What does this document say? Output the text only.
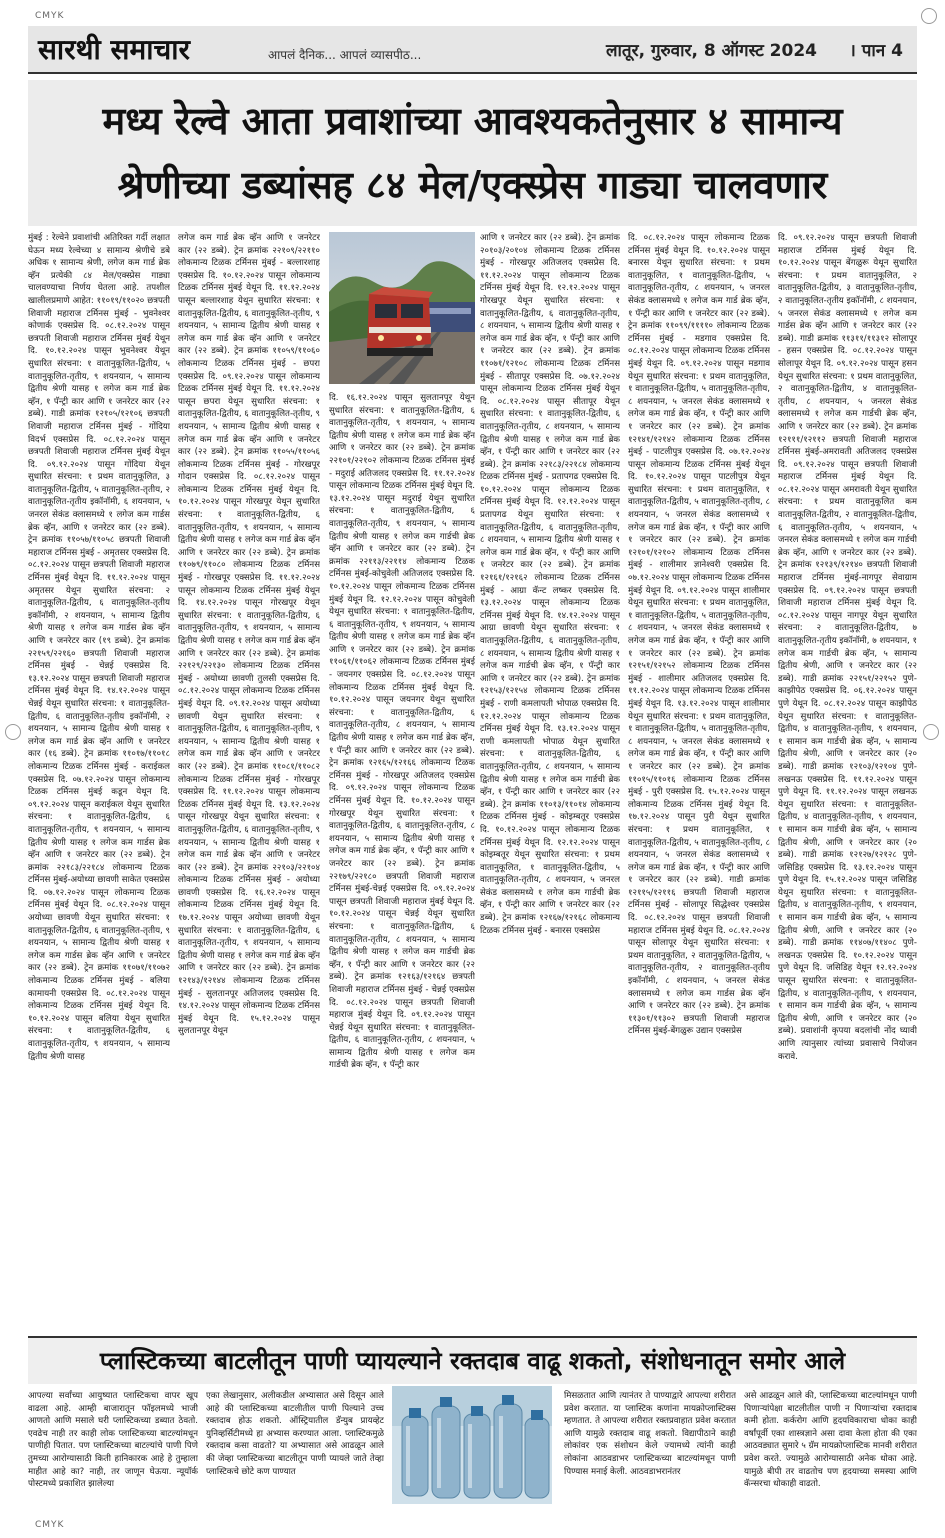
CMYK
CMYK
सारथी समाचार	आपलं दैनिक... आपलं व्यासपीठ...	लातूर, गुरुवार, 8 ऑगस्ट 2024 । पान 4
मध्य रेल्वे आता प्रवाशांच्या आवश्यकतेनुसार ४ सामान्य
श्रेणीच्या डब्यांसह ८४ मेल/एक्स्प्रेस गाड्या चालवणार

मुंबई : रेल्वेने प्रवाशांची अतिरिक्त गर्दी लक्षात घेऊन मध्य रेल्वेच्या ४ सामान्य श्रेणीचे डबे अधिक १ सामान्य श्रेणी, लगेज कम गार्ड ब्रेक व्हॅन प्रत्येकी ८४ मेल/एक्स्प्रेस गाड्या चालवण्याचा निर्णय घेतला आहे. तपशील खालीलप्रमाणे आहेत: ११०१९/११०२० छत्रपती शिवाजी महाराज टर्मिनस मुंबई - भुवनेश्वर कोणार्क एक्सप्रेस दि. ०८.१२.२०२४ पासून छत्रपती शिवाजी महाराज टर्मिनस मुंबई येथून दि. १०.१२.२०२४ पासून भुवनेश्वर येथून सुधारित संरचना: १ वातानुकूलित-द्वितीय, ५ वातानुकूलित-तृतीय, ९ शयनयान, ५ सामान्य द्वितीय श्रेणी यासह १ लगेज कम गार्ड ब्रेक व्हॅन, १ पॅन्ट्री कार आणि १ जनरेटर कार (२२ डब्बे). गाडी क्रमांक १२१०५/१२१०६ छत्रपती शिवाजी महाराज टर्मिनस मुंबई - गोंदिया विदर्भ एक्सप्रेस दि. ०८.१२.२०२४ पासून छत्रपती शिवाजी महाराज टर्मिनस मुंबई येथून दि. ०९.१२.२०२४ पासून गोंदिया येथून सुधारित संरचना: १ प्रथम वातानुकूलित, ३ वातानुकूलित-द्वितीय, ५ वातानुकूलित-तृतीय, २ वातानुकूलित-तृतीय इकॉनॉमी, ६ शयनयान, ५ जनरल सेकंड क्लासमध्ये १ लगेज कम गार्डस ब्रेक व्हॅन, आणि १ जनरेटर कार (२२ डब्बे). ट्रेन क्रमांक ११०५७/११०५८ छत्रपती शिवाजी महाराज टर्मिनस मुंबई - अमृतसर एक्सप्रेस दि. ०८.१२.२०२४ पासून छत्रपती शिवाजी महाराज टर्मिनस मुंबई येथून दि. ११.१२.२०२४ पासून अमृतसर येथून सुधारित संरचना: २ वातानुकूलित-द्वितीय, ६ वातानुकूलित-तृतीय इकॉनॉमी, २ शयनयान, ५ सामान्य द्वितीय श्रेणी यासह १ लगेज कम गार्डस ब्रेक व्हॅन आणि १ जनरेटर कार (१९ डब्बे). ट्रेन क्रमांक २२१५९/२२१६० छत्रपती शिवाजी महाराज टर्मिनस मुंबई - चेन्नई एक्सप्रेस दि. १३.१२.२०२४ पासून छत्रपती शिवाजी महाराज टर्मिनस मुंबई येथून दि. १४.१२.२०२४ पासून चेन्नई येथून सुधारित संरचना: १ वातानुकूलित-द्वितीय, ६ वातानुकूलित-तृतीय इकॉनॉमी, २ शयनयान, ५ सामान्य द्वितीय श्रेणी यासह १ लगेज कम गार्ड ब्रेक व्हॅन आणि १ जनरेटर कार (१६ डब्बे). ट्रेन क्रमांक ११०१७/११०१८ लोकमान्य टिळक टर्मिनस मुंबई - कराईकल एक्सप्रेस दि. ०७.१२.२०२४ पासून लोकमान्य टिळक टर्मिनस मुंबई कडून येथून दि. ०९.१२.२०२४ पासून कराईकल येथून सुधारित संरचना: १ वातानुकूलित-द्वितीय, ६ वातानुकूलित-तृतीय, ९ शयनयान, ५ सामान्य द्वितीय श्रेणी यासह १ लगेज कम गार्डस ब्रेक व्हॅन आणि १ जनरेटर कार (२२ डब्बे). ट्रेन क्रमांक २२१८३/२२१८४ लोकमान्य टिळक टर्मिनस मुंबई-अयोध्या छावणी साकेत एक्सप्रेस दि. ०७.१२.२०२४ पासून लोकमान्य टिळक टर्मिनस मुंबई येथून दि. ०८.१२.२०२४ पासून अयोध्या छावणी येथून सुधारित संरचना: १ वातानुकूलित-द्वितीय, ६ वातानुकूलित-तृतीय, ९ शयनयान, ५ सामान्य द्वितीय श्रेणी यासह १ लगेज कम गार्डस ब्रेक व्हॅन आणि १ जनरेटर कार (२२ डब्बे). ट्रेन क्रमांक ११०७१/११०७२ लोकमान्य टिळक टर्मिनस मुंबई - बलिया कामायनी एक्सप्रेस दि. ०८.१२.२०२४ पासून लोकमान्य टिळक टर्मिनस मुंबई येथून दि. १०.१२.२०२४ पासून बलिया येथून सुधारित संरचना: १ वातानुकूलित-द्वितीय, ६ वातानुकूलित-तृतीय, ९ शयनयान, ५ सामान्य द्वितीय श्रेणी यासह

लगेज कम गार्ड ब्रेक व्हॅन आणि १ जनरेटर कार (२२ डब्बे). ट्रेन क्रमांक २२१०९/२२११० लोकमान्य टिळक टर्मिनस मुंबई - बल्लारशाह एक्सप्रेस दि. १०.१२.२०२४ पासून लोकमान्य टिळक टर्मिनस मुंबई येथून दि. ११.१२.२०२४ पासून बल्लारशाह येथून सुधारित संरचना: १ वातानुकूलित-द्वितीय, ६ वातानुकूलित-तृतीय, ९ शयनयान, ५ सामान्य द्वितीय श्रेणी यासह १ लगेज कम गार्ड ब्रेक व्हॅन आणि १ जनरेटर कार (२२ डब्बे). ट्रेन क्रमांक ११०५९/११०६० लोकमान्य टिळक टर्मिनस मुंबई - छपरा एक्सप्रेस दि. ०९.१२.२०२४ पासून लोकमान्य टिळक टर्मिनस मुंबई येथून दि. ११.१२.२०२४ पासून छपरा येथून सुधारित संरचना: १ वातानुकूलित-द्वितीय, ६ वातानुकूलित-तृतीय, ९ शयनयान, ५ सामान्य द्वितीय श्रेणी यासह १ लगेज कम गार्ड ब्रेक व्हॅन आणि १ जनरेटर कार (२२ डब्बे). ट्रेन क्रमांक ११०५५/११०५६ लोकमान्य टिळक टर्मिनस मुंबई - गोरखपूर गोदान एक्सप्रेस दि. ०८.१२.२०२४ पासून लोकमान्य टिळक टर्मिनस मुंबई येथून दि. १०.१२.२०२४ पासून गोरखपूर येथून सुधारित संरचना: १ वातानुकूलित-द्वितीय, ६ वातानुकूलित-तृतीय, ९ शयनयान, ५ सामान्य द्वितीय श्रेणी यासह १ लगेज कम गार्ड ब्रेक व्हॅन आणि १ जनरेटर कार (२२ डब्बे). ट्रेन क्रमांक ११०७९/११०८० लोकमान्य टिळक टर्मिनस मुंबई - गोरखपूर एक्सप्रेस दि. ११.१२.२०२४ पासून लोकमान्य टिळक टर्मिनस मुंबई येथून दि. १४.१२.२०२४ पासून गोरखपूर येथून सुधारित संरचना: १ वातानुकूलित-द्वितीय, ६ वातानुकूलित-तृतीय, ९ शयनयान, ५ सामान्य द्वितीय श्रेणी यासह १ लगेज कम गार्ड ब्रेक व्हॅन आणि १ जनरेटर कार (२२ डब्बे). ट्रेन क्रमांक २२१२९/२२१३० लोकमान्य टिळक टर्मिनस मुंबई - अयोध्या छावणी तुलसी एक्सप्रेस दि. ०८.१२.२०२४ पासून लोकमान्य टिळक टर्मिनस मुंबई येथून दि. ०९.१२.२०२४ पासून अयोध्या छावणी येथून सुधारित संरचना: १ वातानुकूलित-द्वितीय, ६ वातानुकूलित-तृतीय, ९ शयनयान, ५ सामान्य द्वितीय श्रेणी यासह १ लगेज कम गार्ड ब्रेक व्हॅन आणि १ जनरेटर कार (२२ डब्बे). ट्रेन क्रमांक ११०८१/११०८२ लोकमान्य टिळक टर्मिनस मुंबई - गोरखपूर एक्सप्रेस दि. ११.१२.२०२४ पासून लोकमान्य टिळक टर्मिनस मुंबई येथून दि. १३.१२.२०२४ पासून गोरखपूर येथून सुधारित संरचना: १ वातानुकूलित-द्वितीय, ६ वातानुकूलित-तृतीय, ९ शयनयान, ५ सामान्य द्वितीय श्रेणी यासह १ लगेज कम गार्ड ब्रेक व्हॅन आणि १ जनरेटर कार (२२ डब्बे). ट्रेन क्रमांक २२१०३/२२१०४ लोकमान्य टिळक टर्मिनस मुंबई - अयोध्या छावणी एक्सप्रेस दि. १६.१२.२०२४ पासून लोकमान्य टिळक टर्मिनस मुंबई येथून दि. १७.१२.२०२४ पासून अयोध्या छावणी येथून सुधारित संरचना: १ वातानुकूलित-द्वितीय, ६ वातानुकूलित-तृतीय, ९ शयनयान, ५ सामान्य द्वितीय श्रेणी यासह १ लगेज कम गार्ड ब्रेक व्हॅन आणि १ जनरेटर कार (२२ डब्बे). ट्रेन क्रमांक १२१४३/१२१४४ लोकमान्य टिळक टर्मिनस मुंबई - सुलतानपूर अतिजलद एक्सप्रेस दि. १४.१२.२०२४ पासून लोकमान्य टिळक टर्मिनस मुंबई येथून दि. १५.१२.२०२४ पासून सुलतानपूर येथून

दि. १६.१२.२०२४ पासून सुलतानपूर येथून सुधारित संरचना: १ वातानुकूलित-द्वितीय, ६ वातानुकूलित-तृतीय, ९ शयनयान, ५ सामान्य द्वितीय श्रेणी यासह १ लगेज कम गार्ड ब्रेक व्हॅन आणि १ जनरेटर कार (२२ डब्बे). ट्रेन क्रमांक २२१०१/२२१०२ लोकमान्य टिळक टर्मिनस मुंबई - मदुराई अतिजलद एक्सप्रेस दि. ११.१२.२०२४ पासून लोकमान्य टिळक टर्मिनस मुंबई येथून दि. १३.१२.२०२४ पासून मदुराई येथून सुधारित संरचना: १ वातानुकूलित-द्वितीय, ६ वातानुकूलित-तृतीय, ९ शयनयान, ५ सामान्य द्वितीय श्रेणी यासह १ लगेज कम गार्डची ब्रेक व्हॅन आणि १ जनरेटर कार (२२ डब्बे). ट्रेन क्रमांक २२११३/२२११४ लोकमान्य टिळक टर्मिनस मुंबई-कोचुवेली अतिजलद एक्सप्रेस दि. १०.१२.२०२४ पासून लोकमान्य टिळक टर्मिनस मुंबई येथून दि. १२.१२.२०२४ पासून कोचुवेली येथून सुधारित संरचना: १ वातानुकूलित-द्वितीय, ६ वातानुकूलित-तृतीय, ९ शयनयान, ५ सामान्य द्वितीय श्रेणी यासह १ लगेज कम गार्ड ब्रेक व्हॅन आणि १ जनरेटर कार (२२ डब्बे). ट्रेन क्रमांक ११०६१/११०६२ लोकमान्य टिळक टर्मिनस मुंबई - जयनगर एक्सप्रेस दि. ०८.१२.२०२४ पासून लोकमान्य टिळक टर्मिनस मुंबई येथून दि. १०.१२.२०२४ पासून जयनगर येथून सुधारित संरचना: १ वातानुकूलित-द्वितीय, ६ वातानुकूलित-तृतीय, ८ शयनयान, ५ सामान्य द्वितीय श्रेणी यासह १ लगेज कम गार्ड ब्रेक व्हॅन, १ पॅन्ट्री कार आणि १ जनरेटर कार (२२ डब्बे). ट्रेन क्रमांक १२१६५/१२१६६ लोकमान्य टिळक टर्मिनस मुंबई - गोरखपूर अतिजलद एक्सप्रेस दि. ०९.१२.२०२४ पासून लोकमान्य टिळक टर्मिनस मुंबई येथून दि. १०.१२.२०२४ पासून गोरखपूर येथून सुधारित संरचना: १ वातानुकूलित-द्वितीय, ६ वातानुकूलित-तृतीय, ८ शयनयान, ५ सामान्य द्वितीय श्रेणी यासह १ लगेज कम गार्ड ब्रेक व्हॅन, १ पॅन्ट्री कार आणि १ जनरेटर कार (२२ डब्बे). ट्रेन क्रमांक २२१७९/२२१८० छत्रपती शिवाजी महाराज टर्मिनस मुंबई-चेन्नई एक्सप्रेस दि. ०९.१२.२०२४ पासून छत्रपती शिवाजी महाराज मुंबई येथून दि. १०.१२.२०२४ पासून चेन्नई येथून सुधारित संरचना: १ वातानुकूलित-द्वितीय, ६ वातानुकूलित-तृतीय, ८ शयनयान, ५ सामान्य द्वितीय श्रेणी यासह १ लगेज कम गार्डची ब्रेक व्हॅन, १ पॅन्ट्री कार आणि १ जनरेटर कार (२२ डब्बे). ट्रेन क्रमांक १२१६३/१२१६४ छत्रपती शिवाजी महाराज टर्मिनस मुंबई - चेन्नई एक्सप्रेस दि. ०८.१२.२०२४ पासून छत्रपती शिवाजी महाराज मुंबई येथून दि. ०९.१२.२०२४ पासून चेन्नई येथून सुधारित संरचना: १ वातानुकूलित-द्वितीय, ६ वातानुकूलित-तृतीय, ८ शयनयान, ५ सामान्य द्वितीय श्रेणी यासह १ लगेज कम गार्डची ब्रेक व्हॅन, १ पॅन्ट्री कार

आणि १ जनरेटर कार (२२ डब्बे). ट्रेन क्रमांक २०१०३/२०१०४ लोकमान्य टिळक टर्मिनस मुंबई - गोरखपूर अतिजलद एक्सप्रेस दि. ११.१२.२०२४ पासून लोकमान्य टिळक टर्मिनस मुंबई येथून दि. १२.१२.२०२४ पासून गोरखपूर येथून सुधारित संरचना: १ वातानुकूलित-द्वितीय, ६ वातानुकूलित-तृतीय, ८ शयनयान, ५ सामान्य द्वितीय श्रेणी यासह १ लगेज कम गार्ड ब्रेक व्हॅन, १ पॅन्ट्री कार आणि १ जनरेटर कार (२२ डब्बे). ट्रेन क्रमांक ११०७१/१२१०८ लोकमान्य टिळक टर्मिनस मुंबई - सीतापूर एक्सप्रेस दि. ०७.१२.२०२४ पासून लोकमान्य टिळक टर्मिनस मुंबई येथून दि. ०८.१२.२०२४ पासून सीतापूर येथून सुधारित संरचना: १ वातानुकूलित-द्वितीय, ६ वातानुकूलित-तृतीय, ८ शयनयान, ५ सामान्य द्वितीय श्रेणी यासह १ लगेज कम गार्ड ब्रेक व्हॅन, १ पॅन्ट्री कार आणि १ जनरेटर कार (२२ डब्बे). ट्रेन क्रमांक २२१८३/२२१८४ लोकमान्य टिळक टर्मिनस मुंबई - प्रतापगढ एक्सप्रेस दि. १०.१२.२०२४ पासून लोकमान्य टिळक टर्मिनस मुंबई येथून दि. १२.१२.२०२४ पासून प्रतापगढ येथून सुधारित संरचना: १ वातानुकूलित-द्वितीय, ६ वातानुकूलित-तृतीय, ८ शयनयान, ५ सामान्य द्वितीय श्रेणी यासह १ लगेज कम गार्ड ब्रेक व्हॅन, १ पॅन्ट्री कार आणि १ जनरेटर कार (२२ डब्बे). ट्रेन क्रमांक १२१६१/१२१६२ लोकमान्य टिळक टर्मिनस मुंबई - आग्रा कॅन्ट लष्कर एक्सप्रेस दि. १३.१२.२०२४ पासून लोकमान्य टिळक टर्मिनस मुंबई येथून दि. १४.१२.२०२४ पासून आग्रा छावणी येथून सुधारित संरचना: १ वातानुकूलित-द्वितीय, ६ वातानुकूलित-तृतीय, ८ शयनयान, ५ सामान्य द्वितीय श्रेणी यासह १ लगेज कम गार्डची ब्रेक व्हॅन, १ पॅन्ट्री कार आणि १ जनरेटर कार (२२ डब्बे). ट्रेन क्रमांक १२१५३/१२१५४ लोकमान्य टिळक टर्मिनस मुंबई - राणी कमलापती भोपाळ एक्सप्रेस दि. १२.१२.२०२४ पासून लोकमान्य टिळक टर्मिनस मुंबई येथून दि. १३.१२.२०२४ पासून राणी कमलापती भोपाळ येथून सुधारित संरचना: १ वातानुकूलित-द्वितीय, ६ वातानुकूलित-तृतीय, ८ शयनयान, ५ सामान्य द्वितीय श्रेणी यासह १ लगेज कम गार्डची ब्रेक व्हॅन, १ पॅन्ट्री कार आणि १ जनरेटर कार (२२ डब्बे). ट्रेन क्रमांक ११०१३/११०१४ लोकमान्य टिळक टर्मिनस मुंबई - कोइम्बतूर एक्सप्रेस दि. १०.१२.२०२४ पासून लोकमान्य टिळक टर्मिनस मुंबई येथून दि. १२.१२.२०२४ पासून कोइम्बतूर येथून सुधारित संरचना: १ प्रथम वातानुकूलित, १ वातानुकूलित-द्वितीय, ५ वातानुकूलित-तृतीय, ८ शयनयान, ५ जनरल सेकंड क्लासमध्ये १ लगेज कम गार्डची ब्रेक व्हॅन, १ पॅन्ट्री कार आणि १ जनरेटर कार (२२ डब्बे). ट्रेन क्रमांक १२१६७/१२१६८ लोकमान्य टिळक टर्मिनस मुंबई - बनारस एक्सप्रेस

दि. ०८.१२.२०२४ पासून लोकमान्य टिळक टर्मिनस मुंबई येथून दि. १०.१२.२०२४ पासून बनारस येथून सुधारित संरचना: १ प्रथम वातानुकूलित, १ वातानुकूलित-द्वितीय, ५ वातानुकूलित-तृतीय, ८ शयनयान, ५ जनरल सेकंड क्लासमध्ये १ लगेज कम गार्ड ब्रेक व्हॅन, १ पॅन्ट्री कार आणि १ जनरेटर कार (२२ डब्बे). ट्रेन क्रमांक ११०९९/११११० लोकमान्य टिळक टर्मिनस मुंबई - मडगाव एक्सप्रेस दि. ०८.१२.२०२४ पासून लोकमान्य टिळक टर्मिनस मुंबई येथून दि. ०९.१२.२०२४ पासून मडगाव येथून सुधारित संरचना: १ प्रथम वातानुकूलित, १ वातानुकूलित-द्वितीय, ५ वातानुकूलित-तृतीय, ८ शयनयान, ५ जनरल सेकंड क्लासमध्ये १ लगेज कम गार्ड ब्रेक व्हॅन, १ पॅन्ट्री कार आणि १ जनरेटर कार (२२ डब्बे). ट्रेन क्रमांक १२१४१/१२१४२ लोकमान्य टिळक टर्मिनस मुंबई - पाटलीपुत्र एक्सप्रेस दि. ०७.१२.२०२४ पासून लोकमान्य टिळक टर्मिनस मुंबई येथून दि. १०.१२.२०२४ पासून पाटलीपुत्र येथून सुधारित संरचना: १ प्रथम वातानुकूलित, १ वातानुकूलित-द्वितीय, ५ वातानुकूलित-तृतीय, ८ शयनयान, ५ जनरल सेकंड क्लासमध्ये १ लगेज कम गार्ड ब्रेक व्हॅन, १ पॅन्ट्री कार आणि १ जनरेटर कार (२२ डब्बे). ट्रेन क्रमांक १२१०१/१२१०२ लोकमान्य टिळक टर्मिनस मुंबई - शालीमार ज्ञानेश्वरी एक्सप्रेस दि. ०७.१२.२०२४ पासून लोकमान्य टिळक टर्मिनस मुंबई येथून दि. ०९.१२.२०२४ पासून शालीमार येथून सुधारित संरचना: १ प्रथम वातानुकूलित, १ वातानुकूलित-द्वितीय, ५ वातानुकूलित-तृतीय, ८ शयनयान, ५ जनरल सेकंड क्लासमध्ये १ लगेज कम गार्ड ब्रेक व्हॅन, १ पॅन्ट्री कार आणि १ जनरेटर कार (२२ डब्बे). ट्रेन क्रमांक १२१५१/१२१५२ लोकमान्य टिळक टर्मिनस मुंबई - शालीमार अतिजलद एक्सप्रेस दि. ११.१२.२०२४ पासून लोकमान्य टिळक टर्मिनस मुंबई येथून दि. १३.१२.२०२४ पासून शालीमार येथून सुधारित संरचना: १ प्रथम वातानुकूलित, १ वातानुकूलित-द्वितीय, ५ वातानुकूलित-तृतीय, ८ शयनयान, ५ जनरल सेकंड क्लासमध्ये १ लगेज कम गार्ड ब्रेक व्हॅन, १ पॅन्ट्री कार आणि १ जनरेटर कार (२२ डब्बे). ट्रेन क्रमांक ११०१५/११०१६ लोकमान्य टिळक टर्मिनस मुंबई - पुरी एक्सप्रेस दि. १५.१२.२०२४ पासून लोकमान्य टिळक टर्मिनस मुंबई येथून दि. १७.१२.२०२४ पासून पुरी येथून सुधारित संरचना: १ प्रथम वातानुकूलित, १ वातानुकूलित-द्वितीय, ५ वातानुकूलित-तृतीय, ८ शयनयान, ५ जनरल सेकंड क्लासमध्ये १ लगेज कम गार्ड ब्रेक व्हॅन, १ पॅन्ट्री कार आणि १ जनरेटर कार (२२ डब्बे). गाडी क्रमांक १२११५/१२११६ छत्रपती शिवाजी महाराज टर्मिनस मुंबई - सोलापूर सिद्धेश्वर एक्सप्रेस दि. ०८.१२.२०२४ पासून छत्रपती शिवाजी महाराज टर्मिनस मुंबई येथून दि. ०८.१२.२०२४ पासून सोलापूर येथून सुधारित संरचना: १ प्रथम वातानुकूलित, २ वातानुकूलित-द्वितीय, ५ वातानुकूलित-तृतीय, २ वातानुकूलित-तृतीय इकॉनॉमी, ८ शयनयान, ५ जनरल सेकंड क्लासमध्ये १ लगेज कम गार्डस ब्रेक व्हॅन आणि १ जनरेटर कार (२२ डब्बे). ट्रेन क्रमांक ११३०१/११३०२ छत्रपती शिवाजी महाराज टर्मिनस मुंबई-बेंगळुरू उद्यान एक्सप्रेस

दि. ०९.१२.२०२४ पासून छत्रपती शिवाजी महाराज टर्मिनस मुंबई येथून दि. १०.१२.२०२४ पासून बेंगळुरू येथून सुधारित संरचना: १ प्रथम वातानुकूलित, २ वातानुकूलित-द्वितीय, ३ वातानुकूलित-तृतीय, २ वातानुकूलित-तृतीय इकॉनॉमी, ८ शयनयान, ५ जनरल सेकंड क्लासमध्ये १ लगेज कम गार्डस ब्रेक व्हॅन आणि १ जनरेटर कार (२२ डब्बे). गाडी क्रमांक ११३११/११३१२ सोलापूर - हसन एक्सप्रेस दि. ०८.१२.२०२४ पासून सोलापूर येथून दि. ०९.१२.२०२४ पासून हसन येथून सुधारित संरचना: १ प्रथम वातानुकूलित, २ वातानुकूलित-द्वितीय, ४ वातानुकूलित-तृतीय, ८ शयनयान, ५ जनरल सेकंड क्लासमध्ये १ लगेज कम गार्डची ब्रेक व्हॅन, आणि १ जनरेटर कार (२२ डब्बे). ट्रेन क्रमांक १२१११/१२११२ छत्रपती शिवाजी महाराज टर्मिनस मुंबई-अमरावती अतिजलद एक्सप्रेस दि. ०९.१२.२०२४ पासून छत्रपती शिवाजी महाराज टर्मिनस मुंबई येथून दि. ०८.१२.२०२४ पासून अमरावती येथून सुधारित संरचना: १ प्रथम वातानुकूलित कम वातानुकूलित-द्वितीय, २ वातानुकूलित-द्वितीय, ६ वातानुकूलित-तृतीय, ५ शयनयान, ५ जनरल सेकंड क्लासमध्ये १ लगेज कम गार्डची ब्रेक व्हॅन, आणि १ जनरेटर कार (२२ डब्बे). ट्रेन क्रमांक १२१३९/१२१४० छत्रपती शिवाजी महाराज टर्मिनस मुंबई-नागपूर सेवाग्राम एक्सप्रेस दि. ०९.१२.२०२४ पासून छत्रपती शिवाजी महाराज टर्मिनस मुंबई येथून दि. ०८.१२.२०२४ पासून नागपूर येथून सुधारित संरचना: २ वातानुकूलित-द्वितीय, ७ वातानुकूलित-तृतीय इकॉनॉमी, ७ शयनयान, १ लगेज कम गार्डची ब्रेक व्हॅन, ५ सामान्य द्वितीय श्रेणी, आणि १ जनरेटर कार (२२ डब्बे). गाडी क्रमांक २२१५१/२२१५२ पुणे-काझीपेठ एक्सप्रेस दि. ०६.१२.२०२४ पासून पुणे येथून दि. ०८.१२.२०२४ पासून काझीपेठ येथून सुधारित संरचना: १ वातानुकूलित-द्वितीय, ४ वातानुकूलित-तृतीय, ९ शयनयान, १ सामान कम गार्डची ब्रेक व्हॅन, ५ सामान्य द्वितीय श्रेणी, आणि १ जनरेटर कार (२० डब्बे). गाडी क्रमांक १२१०३/१२१०४ पुणे-लखनऊ एक्सप्रेस दि. ११.१२.२०२४ पासून पुणे येथून दि. ११.१२.२०२४ पासून लखनऊ येथून सुधारित संरचना: १ वातानुकूलित-द्वितीय, ४ वातानुकूलित-तृतीय, ९ शयनयान, १ सामान कम गार्डची ब्रेक व्हॅन, ५ सामान्य द्वितीय श्रेणी, आणि १ जनरेटर कार (२० डब्बे). गाडी क्रमांक १२१२७/१२१२८ पुणे-जसिडिह एक्सप्रेस दि. १३.१२.२०२४ पासून पुणे येथून दि. १५.१२.२०२४ पासून जसिडिह येथून सुधारित संरचना: १ वातानुकूलित-द्वितीय, ४ वातानुकूलित-तृतीय, ९ शयनयान, १ सामान कम गार्डची ब्रेक व्हॅन, ५ सामान्य द्वितीय श्रेणी, आणि १ जनरेटर कार (२० डब्बे). गाडी क्रमांक ११४०७/११४०८ पुणे-लखनऊ एक्सप्रेस दि. १०.१२.२०२४ पासून पुणे येथून दि. जसिडिह येथून १२.१२.२०२४ पासून सुधारित संरचना: १ वातानुकूलित-द्वितीय, ४ वातानुकूलित-तृतीय, ९ शयनयान, १ सामान कम गार्डची ब्रेक व्हॅन, ५ सामान्य द्वितीय श्रेणी, आणि १ जनरेटर कार (२० डब्बे). प्रवाशांनी कृपया बदलांची नोंद घ्यावी आणि त्यानुसार त्यांच्या प्रवासाचे नियोजन करावे.

प्लास्टिकच्या बाटलीतून पाणी प्यायल्याने रक्तदाब वाढू शकतो, संशोधनातून समोर आले

आपल्या सर्वांच्या आयुष्यात प्लास्टिकचा वापर खूप वाढला आहे. आम्ही बाजारातून फॉइलमध्ये भाजी आणतो आणि मसाले घरी प्लास्टिकच्या डब्यात ठेवतो. एवढेच नाही तर काही लोक प्लास्टिकच्या बाटल्यांमधून पाणीही पितात. पण प्लास्टिकच्या बाटल्यांचे पाणी पिणे तुमच्या आरोग्यासाठी किती हानिकारक आहे हे तुम्हाला माहीत आहे का? नाही, तर जाणून घेऊया. न्यूयॉर्क पोस्टमध्ये प्रकाशित झालेल्या

एका लेखानुसार, अलीकडील अभ्यासात असे दिसून आले आहे की प्लास्टिकच्या बाटलीतील पाणी पिल्याने उच्च रक्तदाब होऊ शकतो. ऑस्ट्रियातील डॅन्युब प्रायव्हेट युनिव्हर्सिटीमध्ये हा अभ्यास करण्यात आला. प्लास्टिकमुळे रक्तदाब कसा वाढतो? या अभ्यासात असे आढळून आले की जेव्हा प्लास्टिकच्या बाटलीतून पाणी प्यायले जाते तेव्हा प्लास्टिकचे छोटे कण पाण्यात

मिसळतात आणि त्यानंतर ते पाण्याद्वारे आपल्या शरीरात प्रवेश करतात. या प्लास्टिक कणांना मायक्रोप्लास्टिक्स म्हणतात. ते आपल्या शरीरात रक्तप्रवाहात प्रवेश करतात आणि यामुळे रक्तदाब वाढू शकतो. विद्यापीठाने काही लोकांवर एक संशोधन केले ज्यामध्ये त्यांनी काही लोकांना आठवडाभर प्लास्टिकच्या बाटल्यांमधून पाणी पिण्यास मनाई केली. आठवडाभरानंतर

असे आढळून आले की, प्लास्टिकच्या बाटल्यांमधून पाणी पिणाऱ्यांपेक्षा बाटलीतील पाणी न पिणाऱ्यांचा रक्तदाब कमी होता. कर्करोग आणि हृदयविकाराचा धोका काही वर्षांपूर्वी एका शास्त्रज्ञाने असा दावा केला होता की एका आठवड्यात सुमारे ५ ग्रॅम मायक्रोप्लास्टिक मानवी शरीरात प्रवेश करते. ज्यामुळे आरोग्यासाठी अनेक धोका आहे. यामुळे बीपी तर वाढतोच पण हृदयाच्या समस्या आणि कॅन्सरचा धोकाही वाढतो.
